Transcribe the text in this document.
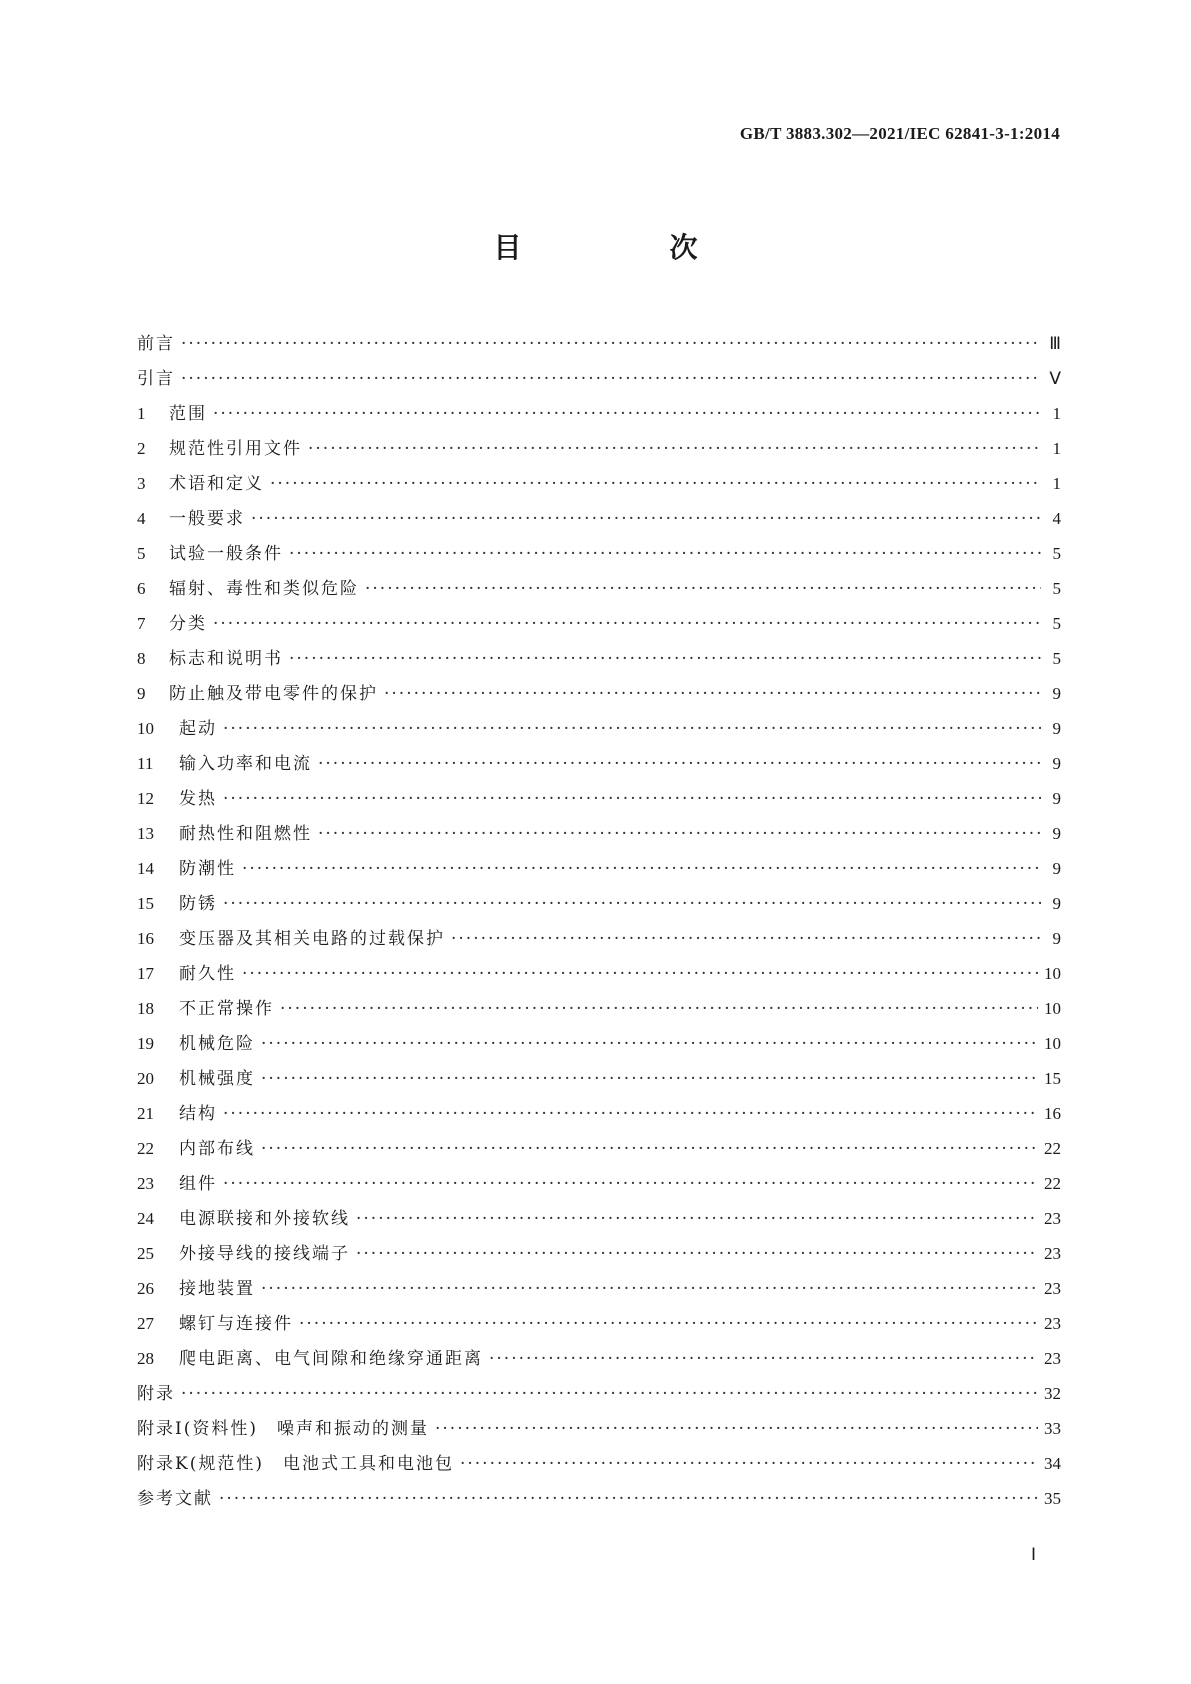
GB/T 3883.302—2021/IEC 62841-3-1:2014
目　次
前言 ·····	Ⅲ
引言 ·····	Ⅴ
1	范围 ·····	1
2	规范性引用文件 ·····	1
3	术语和定义 ·····	1
4	一般要求 ·····	4
5	试验一般条件 ·····	5
6	辐射、毒性和类似危险 ·····	5
7	分类 ·····	5
8	标志和说明书 ·····	5
9	防止触及带电零件的保护 ·····	9
10	起动 ·····	9
11	输入功率和电流 ·····	9
12	发热 ·····	9
13	耐热性和阻燃性 ·····	9
14	防潮性 ·····	9
15	防锈 ·····	9
16	变压器及其相关电路的过载保护 ·····	9
17	耐久性 ·····	10
18	不正常操作 ·····	10
19	机械危险 ·····	10
20	机械强度 ·····	15
21	结构 ·····	16
22	内部布线 ·····	22
23	组件 ·····	22
24	电源联接和外接软线 ·····	23
25	外接导线的接线端子 ·····	23
26	接地装置 ·····	23
27	螺钉与连接件 ·····	23
28	爬电距离、电气间隙和绝缘穿通距离 ·····	23
附录 ·····	32
附录Ⅰ(资料性)　噪声和振动的测量 ·····	33
附录K(规范性)　电池式工具和电池包 ·····	34
参考文献 ·····	35
Ⅰ
